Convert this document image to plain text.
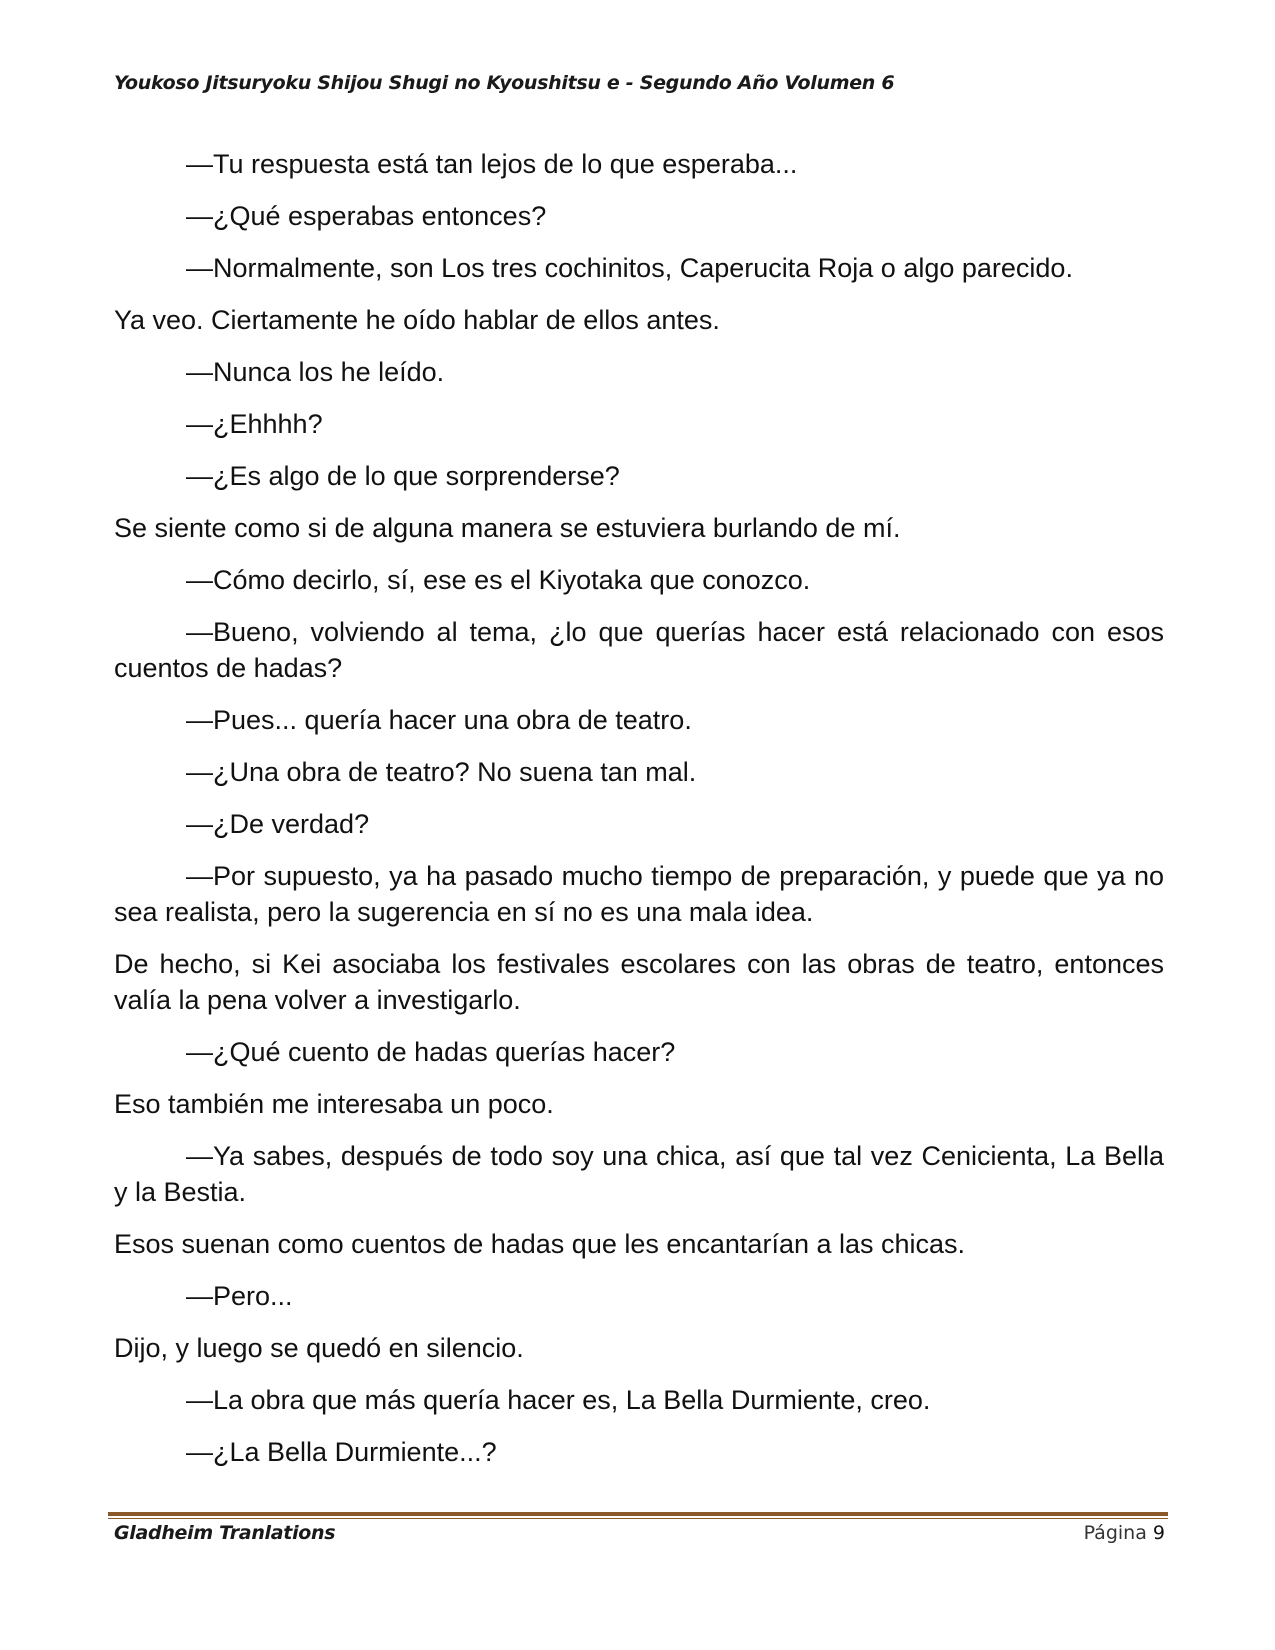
Youkoso Jitsuryoku Shijou Shugi no Kyoushitsu e - Segundo Año Volumen 6

—Tu respuesta está tan lejos de lo que esperaba...

—¿Qué esperabas entonces?

—Normalmente, son Los tres cochinitos, Caperucita Roja o algo parecido.

Ya veo. Ciertamente he oído hablar de ellos antes.

—Nunca los he leído.

—¿Ehhhh?

—¿Es algo de lo que sorprenderse?

Se siente como si de alguna manera se estuviera burlando de mí.

—Cómo decirlo, sí, ese es el Kiyotaka que conozco.

—Bueno, volviendo al tema, ¿lo que querías hacer está relacionado con esos cuentos de hadas?

—Pues... quería hacer una obra de teatro.

—¿Una obra de teatro? No suena tan mal.

—¿De verdad?

—Por supuesto, ya ha pasado mucho tiempo de preparación, y puede que ya no sea realista, pero la sugerencia en sí no es una mala idea.

De hecho, si Kei asociaba los festivales escolares con las obras de teatro, entonces valía la pena volver a investigarlo.

—¿Qué cuento de hadas querías hacer?

Eso también me interesaba un poco.

—Ya sabes, después de todo soy una chica, así que tal vez Cenicienta, La Bella y la Bestia.

Esos suenan como cuentos de hadas que les encantarían a las chicas.

—Pero...

Dijo, y luego se quedó en silencio.

—La obra que más quería hacer es, La Bella Durmiente, creo.

—¿La Bella Durmiente...?

Gladheim Tranlations	Página 9
